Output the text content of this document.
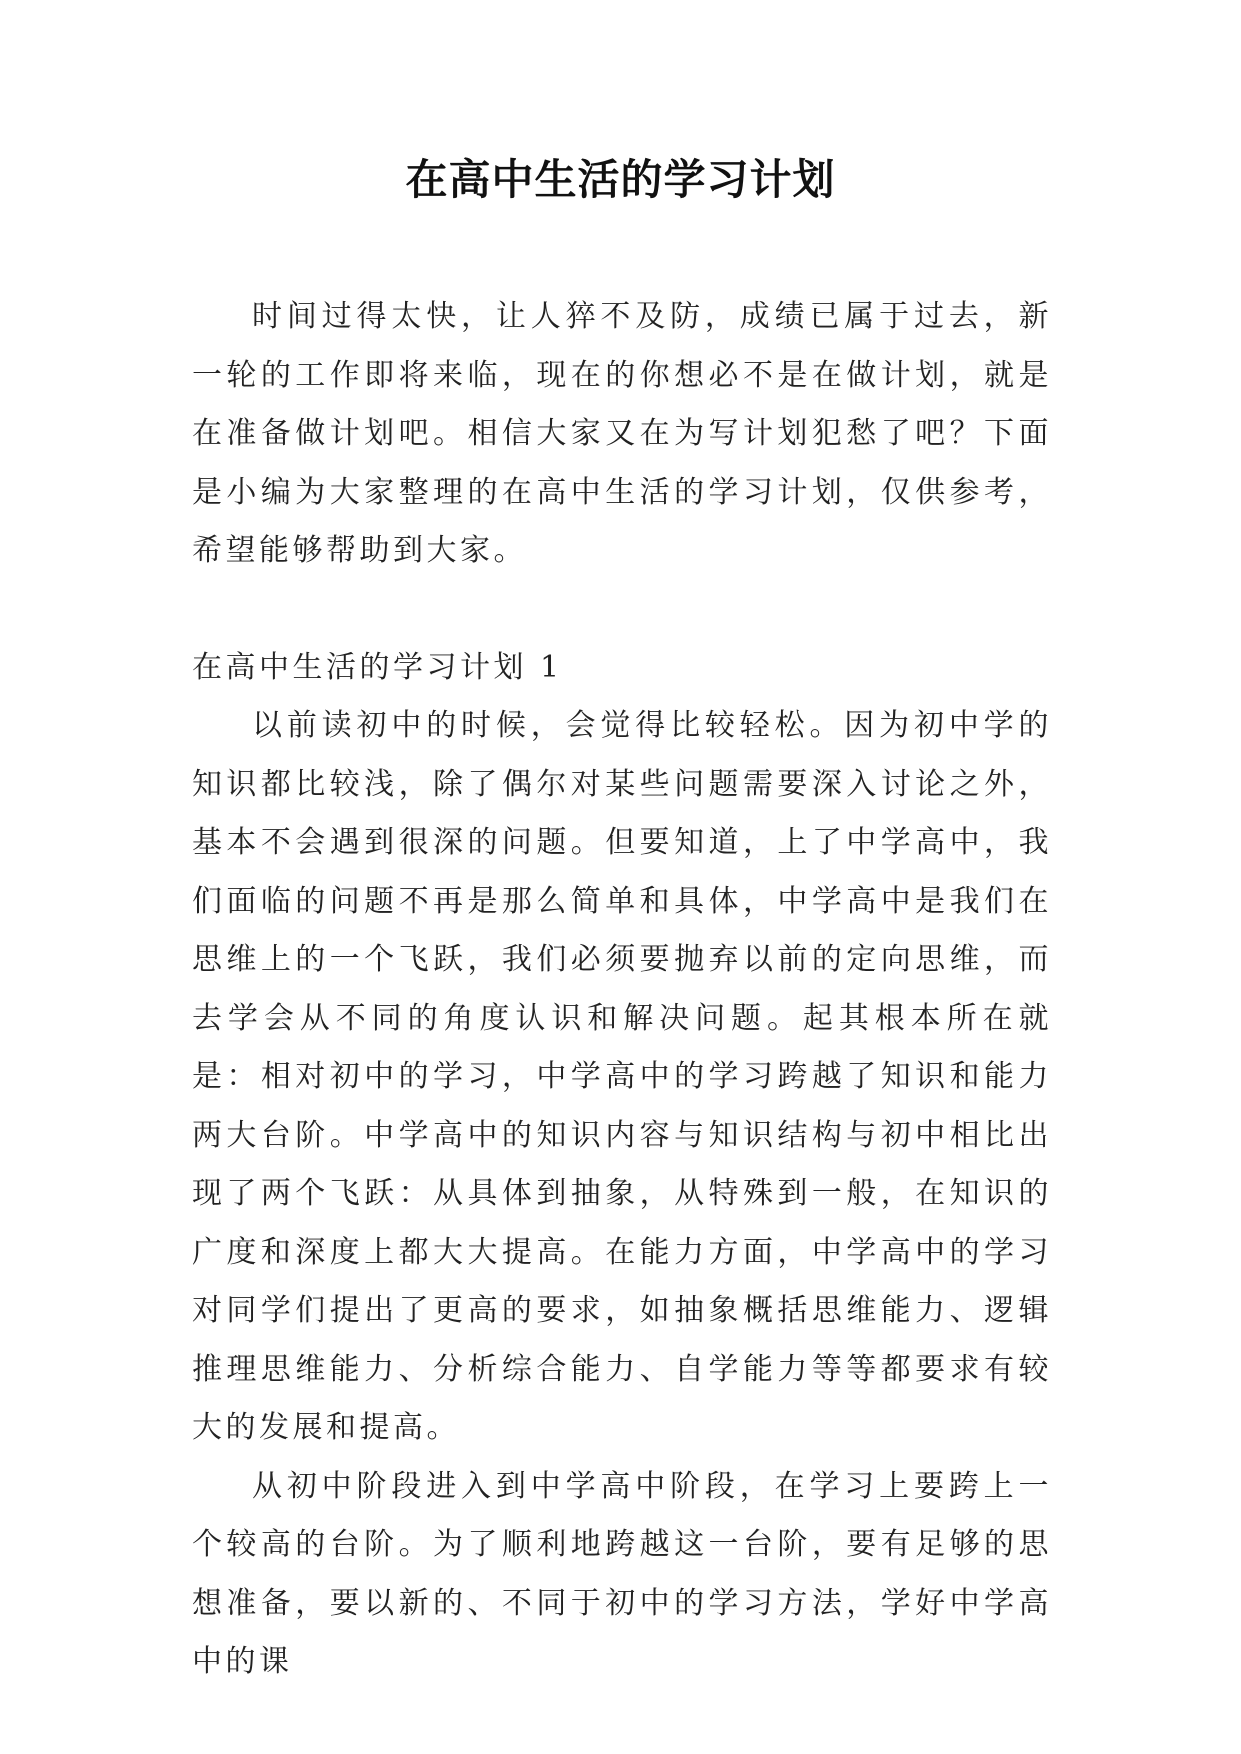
在高中生活的学习计划

时间过得太快，让人猝不及防，成绩已属于过去，新一轮的工作即将来临，现在的你想必不是在做计划，就是在准备做计划吧。相信大家又在为写计划犯愁了吧？下面是小编为大家整理的在高中生活的学习计划，仅供参考，希望能够帮助到大家。

在高中生活的学习计划 1

以前读初中的时候，会觉得比较轻松。因为初中学的知识都比较浅，除了偶尔对某些问题需要深入讨论之外，基本不会遇到很深的问题。但要知道，上了中学高中，我们面临的问题不再是那么简单和具体，中学高中是我们在思维上的一个飞跃，我们必须要抛弃以前的定向思维，而去学会从不同的角度认识和解决问题。起其根本所在就是：相对初中的学习，中学高中的学习跨越了知识和能力两大台阶。中学高中的知识内容与知识结构与初中相比出现了两个飞跃：从具体到抽象，从特殊到一般，在知识的广度和深度上都大大提高。在能力方面，中学高中的学习对同学们提出了更高的要求，如抽象概括思维能力、逻辑推理思维能力、分析综合能力、自学能力等等都要求有较大的发展和提高。

从初中阶段进入到中学高中阶段，在学习上要跨上一个较高的台阶。为了顺利地跨越这一台阶，要有足够的思想准备，要以新的、不同于初中的学习方法，学好中学高中的课
